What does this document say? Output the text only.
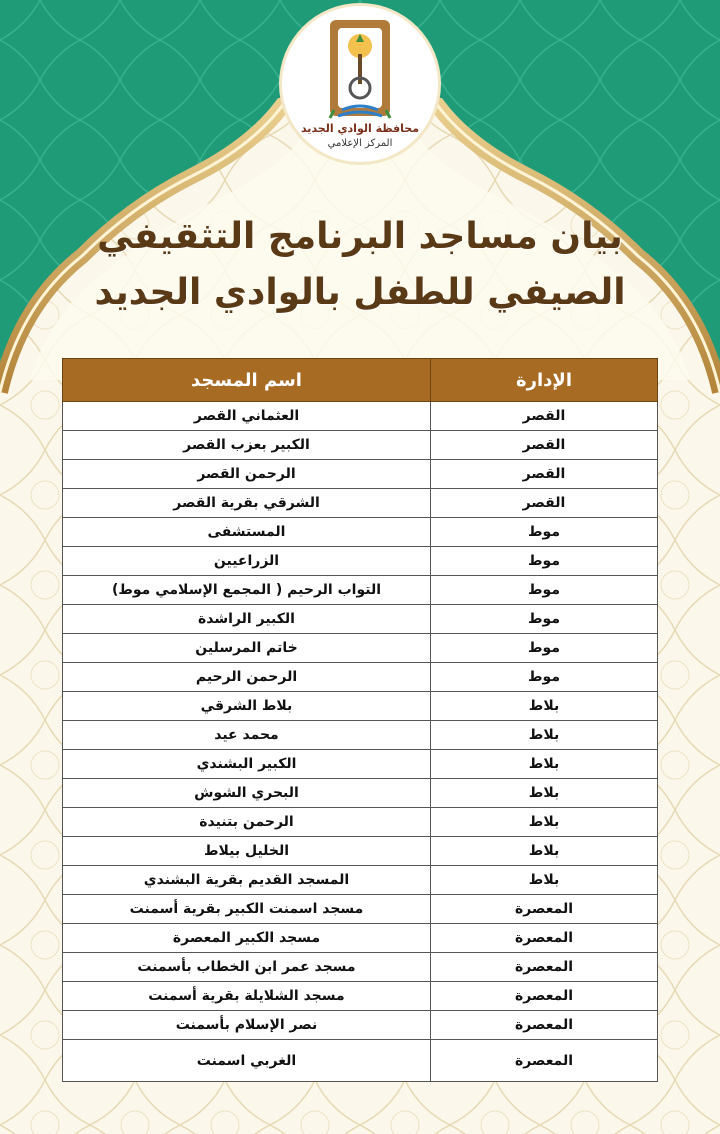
محافظة الوادي الجديد
المركز الإعلامي
بيان مساجد البرنامج التثقيفي
الصيفي للطفل بالوادي الجديد
الإدارة	اسم المسجد
القصر	العثماني القصر
القصر	الكبير بعزب القصر
القصر	الرحمن القصر
القصر	الشرقي بقرية القصر
موط	المستشفى
موط	الزراعيين
موط	التواب الرحيم ( المجمع الإسلامي موط)
موط	الكبير الراشدة
موط	خاتم المرسلين
موط	الرحمن الرحيم
بلاط	بلاط الشرقي
بلاط	محمد عيد
بلاط	الكبير البشندي
بلاط	البحري الشوش
بلاط	الرحمن بتنيدة
بلاط	الخليل بيلاط
بلاط	المسجد القديم بقرية البشندي
المعصرة	مسجد اسمنت الكبير بقرية أسمنت
المعصرة	مسجد الكبير المعصرة
المعصرة	مسجد عمر ابن الخطاب بأسمنت
المعصرة	مسجد الشلايلة بقرية أسمنت
المعصرة	نصر الإسلام بأسمنت
المعصرة	الغربي اسمنت
